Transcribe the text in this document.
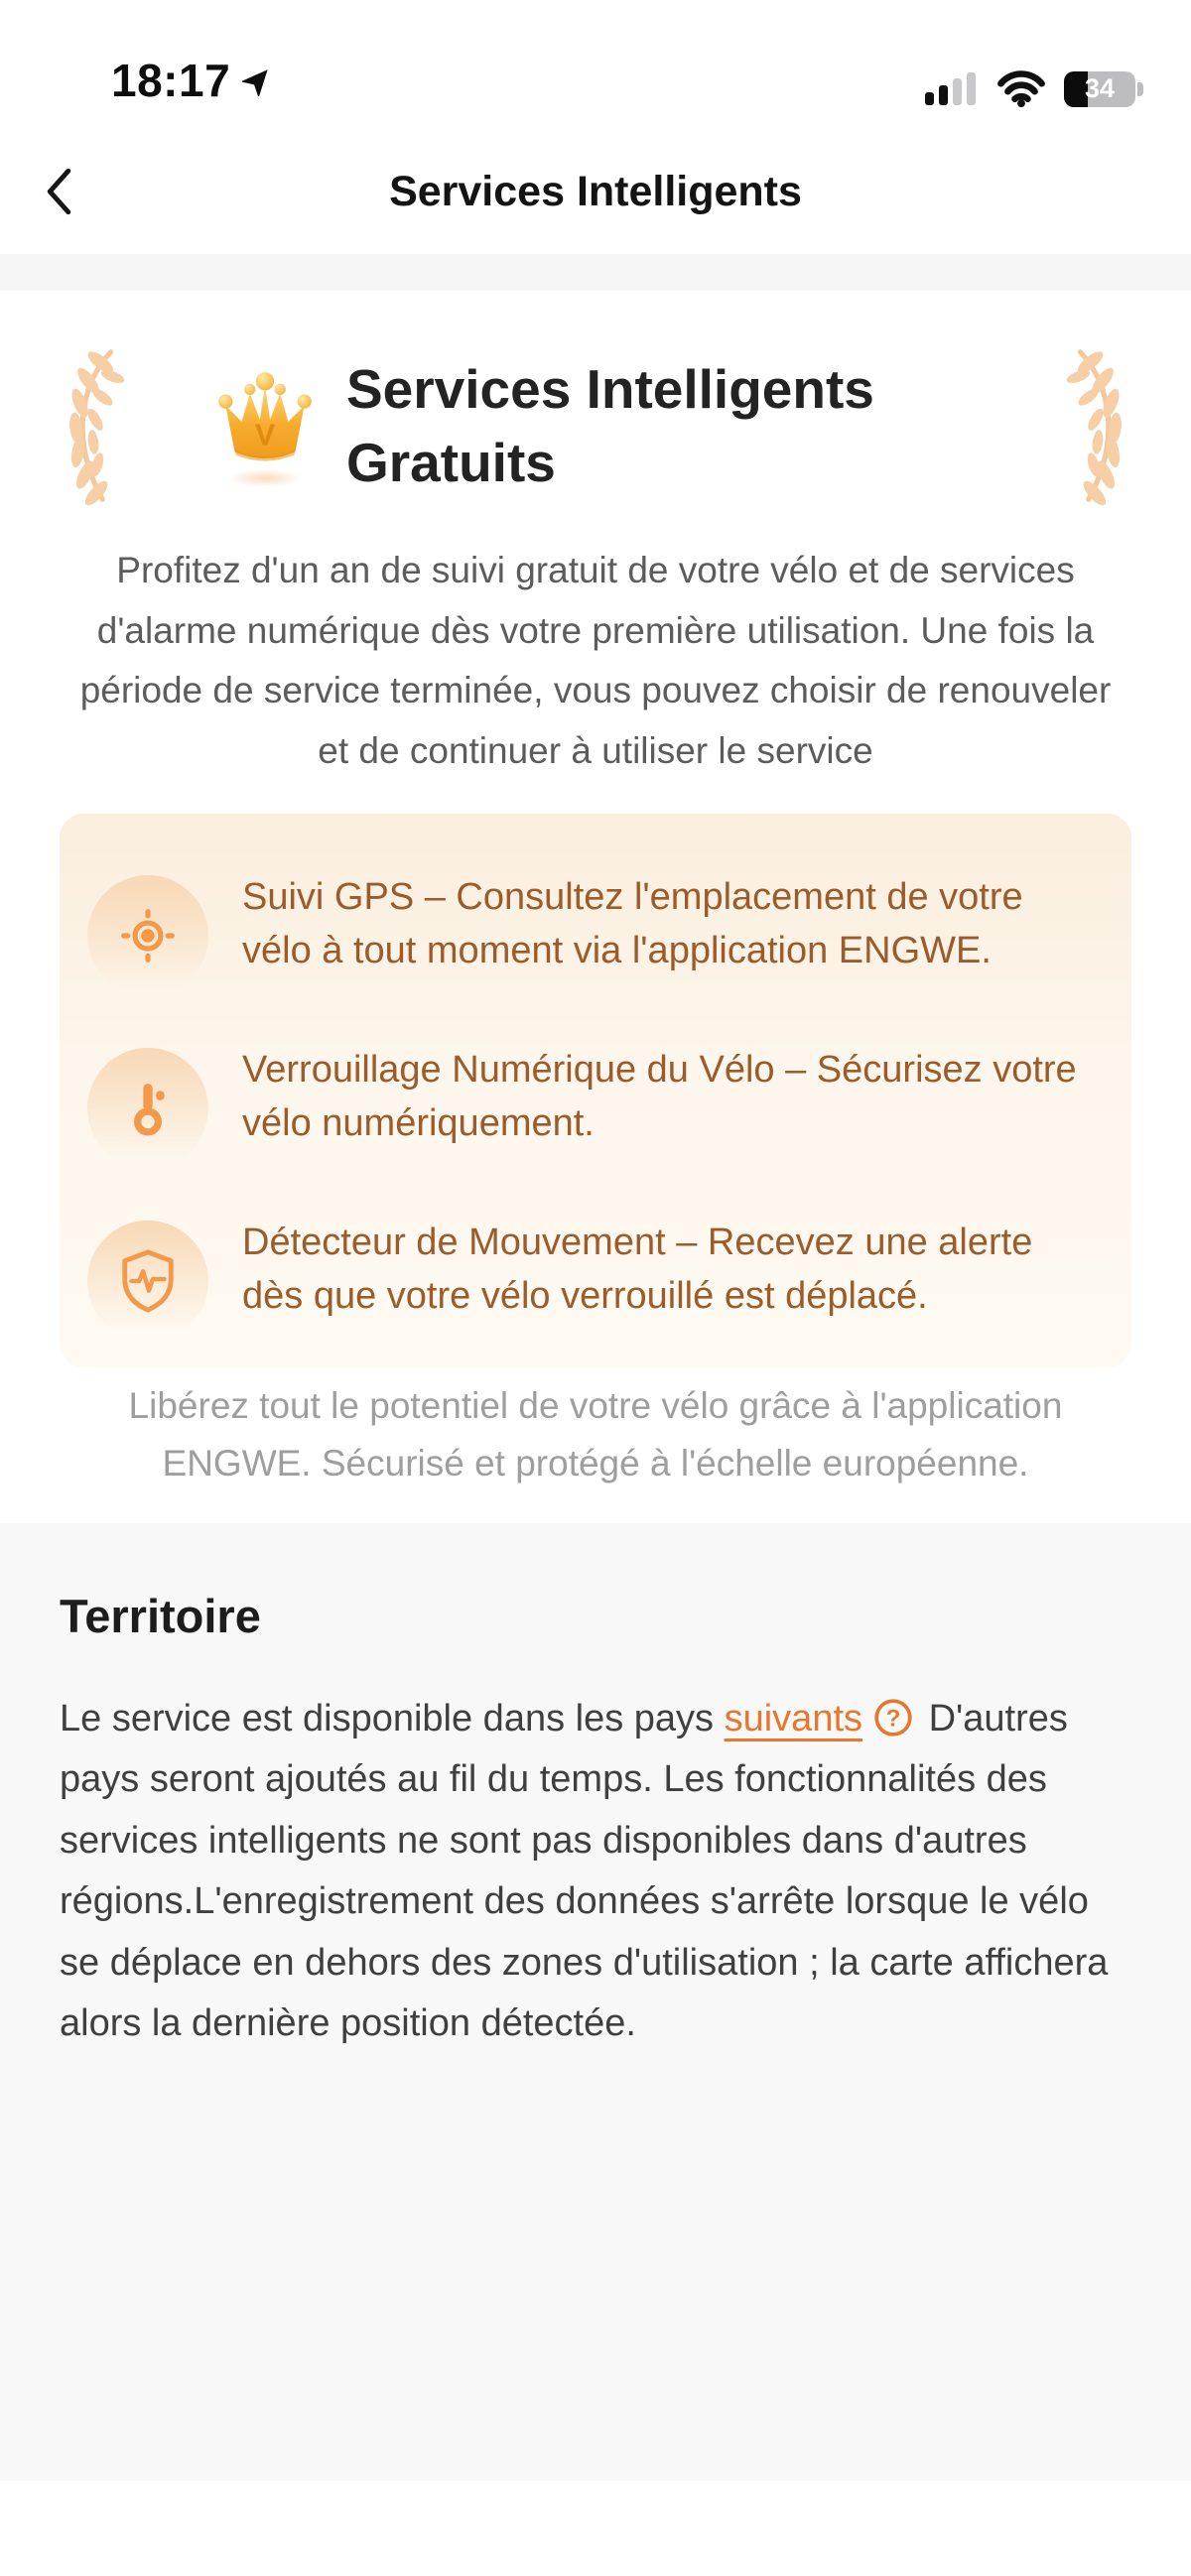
18:17	34
Services Intelligents
V
Services Intelligents Gratuits

Profitez d'un an de suivi gratuit de votre vélo et de services d'alarme numérique dès votre première utilisation. Une fois la période de service terminée, vous pouvez choisir de renouveler et de continuer à utiliser le service

Suivi GPS – Consultez l'emplacement de votre vélo à tout moment via l'application ENGWE.
Verrouillage Numérique du Vélo – Sécurisez votre vélo numériquement.
Détecteur de Mouvement – Recevez une alerte dès que votre vélo verrouillé est déplacé.

Libérez tout le potentiel de votre vélo grâce à l'application ENGWE. Sécurisé et protégé à l'échelle européenne.

Territoire

Le service est disponible dans les pays suivants ? D'autres pays seront ajoutés au fil du temps. Les fonctionnalités des services intelligents ne sont pas disponibles dans d'autres régions.L'enregistrement des données s'arrête lorsque le vélo se déplace en dehors des zones d'utilisation ; la carte affichera alors la dernière position détectée.
